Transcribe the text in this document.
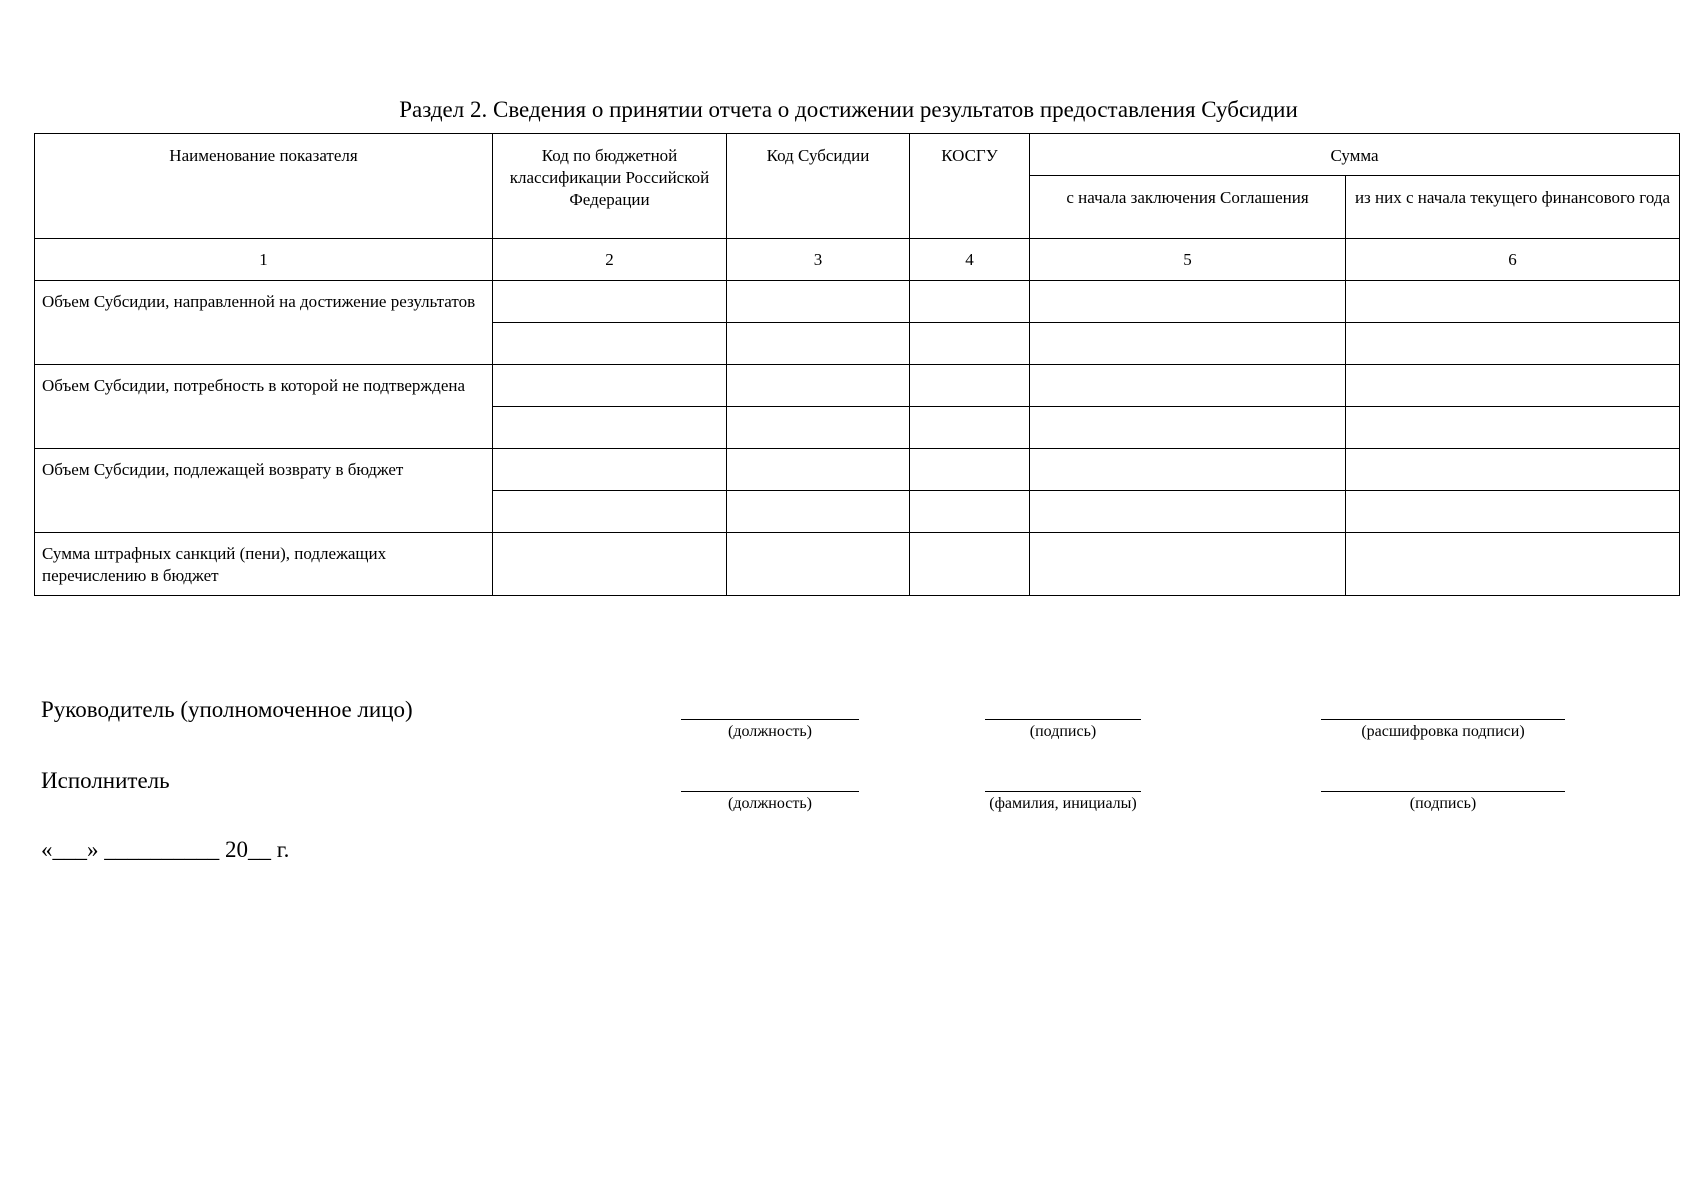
Раздел 2. Сведения о принятии отчета о достижении результатов предоставления Субсидии
Наименование показателя	Код по бюджетной классификации Российской Федерации	Код Субсидии	КОСГУ	Сумма	
				с начала заключения Соглашения	из них с начала текущего финансового года
1	2	3	4	5	6
Объем Субсидии, направленной на достижение результатов					

Объем Субсидии, потребность в которой не подтверждена					

Объем Субсидии, подлежащей возврату в бюджет					

Сумма штрафных санкций (пени), подлежащих перечислению в бюджет					
Руководитель (уполномоченное лицо)
(должность)	(подпись)	(расшифровка подписи)
Исполнитель
(должность)	(фамилия, инициалы)	(подпись)
«___» __________ 20__ г.
